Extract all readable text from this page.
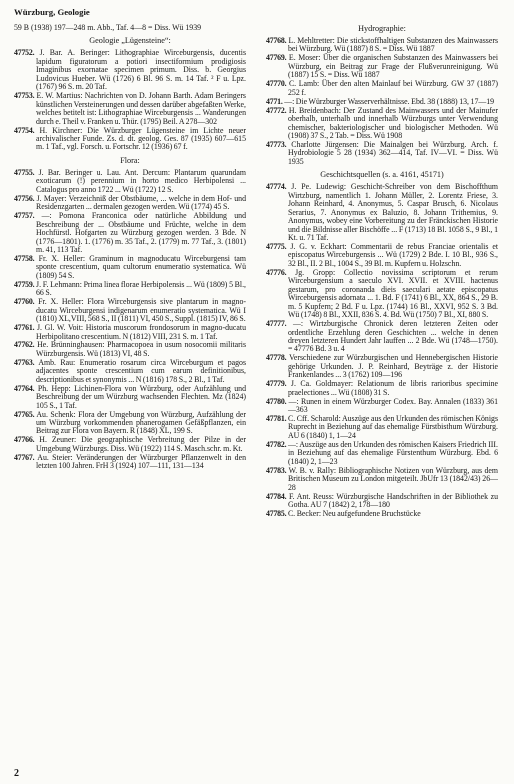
Würzburg, Geologie
59 B (1938) 197—248 m. Abb., Taf. 4—8 = Diss. Wü 1939
Geologie „Lügensteine“:
47752. J. Bar. A. Beringer: Lithographiae Wirceburgensis, ducentis lapidum figuratorum a potiori insectiformium prodigiosis Imaginibus exornatae specimen primum. Diss. b. Georgius Ludovicus Hueber. Wü (1726) 6 Bl. 96 S. m. 14 Taf. ² F u. Lpz. (1767) 96 S. m. 20 Taf.
47753. E. W. Martius: Nachrichten von D. Johann Barth. Adam Beringers künstlichen Versteinerungen und dessen darüber abgefaßten Werke, welches betitelt ist: Lithographiae Wirceburgensis ... Wanderungen durch e. Theil v. Franken u. Thür. (1795) Beil. A 278—302
47754. H. Kirchner: Die Würzburger Lügensteine im Lichte neuer archivalischer Funde. Zs. d. dt. geolog. Ges. 87 (1935) 607—615 m. 1 Taf., vgl. Forsch. u. Fortschr. 12 (1936) 67 f.
Flora:
47755. J. Bar. Beringer u. Lau. Ant. Dercum: Plantarum quarundam exoticarum (!) perennium in horto medico Herbipolensi ... Catalogus pro anno 1722 ... Wü (1722) 12 S.
47756. J. Mayer: Verzeichniß der Obstbäume, ... welche in dem Hof- und Residenzgarten ... dermalen gezogen werden. Wü (1774) 45 S.
47757. —: Pomona Franconica oder natürliche Abbildung und Beschreibung der ... Obstbäume und Früchte, welche in dem Hochfürstl. Hofgarten zu Würzburg gezogen werden. 3 Bde. N (1776—1801). 1. (1776) m. 35 Taf., 2. (1779) m. 77 Taf., 3. (1801) m. 41, 113 Taf.
47758. Fr. X. Heller: Graminum in magnoducatu Wirceburgensi tam sponte crescentium, quam cultorum enumeratio systematica. Wü (1809) 54 S.
47759. J. F. Lehmann: Prima linea florae Herbipolensis ... Wü (1809) 5 Bl., 66 S.
47760. Fr. X. Heller: Flora Wirceburgensis sive plantarum in magno-ducatu Wirceburgensi indigenarum enumeratio systematica. Wü I (1810) XL,VIII, 568 S., II (1811) VI, 450 S., Suppl. (1815) IV, 86 S.
47761. J. Gl. W. Voit: Historia muscorum frondosorum in magno-ducatu Herbipolitano crescentium. N (1812) VIII, 231 S. m. 1 Taf.
47762. He. Brünninghausen: Pharmacopoea in usum nosocomii militaris Würzburgensis. Wü (1813) VI, 48 S.
47763. Amb. Rau: Enumeratio rosarum circa Wirceburgum et pagos adjacentes sponte crescentium cum earum definitionibus, descriptionibus et synonymis ... N (1816) 178 S., 2 Bl., 1 Taf.
47764. Ph. Hepp: Lichinen-Flora von Würzburg, oder Aufzählung und Beschreibung der um Würzburg wachsenden Flechten. Mz (1824) 105 S., 1 Taf.
47765. Au. Schenk: Flora der Umgebung von Würzburg, Aufzählung der um Würzburg vorkommenden phanerogamen Gefäßpflanzen, ein Beitrag zur Flora von Bayern. R (1848) XL, 199 S.
47766. H. Zeuner: Die geographische Verbreitung der Pilze in der Umgebung Würzburgs. Diss. Wü (1922) 114 S. Masch.schr. m. Kt.
47767. Au. Steier: Veränderungen der Würzburger Pflanzenwelt in den letzten 100 Jahren. FrH 3 (1924) 107—111, 131—134
Hydrographie:
47768. L. Mehltretter: Die stickstoffhaltigen Substanzen des Mainwassers bei Würzburg. Wü (1887) 8 S. = Diss. Wü 1887
47769. E. Moser: Über die organischen Substanzen des Mainwassers bei Würzburg, ein Beitrag zur Frage der Flußverunreinigung. Wü (1887) 15 S. = Diss. Wü 1887
47770. C. Lamb: Über den alten Mainlauf bei Würzburg. GW 37 (1887) 252 f.
4771. —: Die Würzburger Wasserverhältnisse. Ebd. 38 (1888) 13, 17—19
47772. H. Breidenbach: Der Zustand des Mainwassers und der Mainufer oberhalb, unterhalb und innerhalb Würzburgs unter Verwendung chemischer, bakteriologischer und biologischer Methoden. Wü (1908) 37 S., 2 Tab. = Diss. Wü 1908
47773. Charlotte Jürgensen: Die Mainalgen bei Würzburg. Arch. f. Hydrobiologie 5 28 (1934) 362—414, Taf. IV—VI. = Diss. Wü 1935
Geschichtsquellen (s. a. 4161, 45171)
47774. J. Pe. Ludewig: Geschicht-Schreiber von dem Bischoffthum Wirtzburg, namentlich 1. Johann Müller, 2. Lorentz Friese, 3. Johann Reinhard, 4. Anonymus, 5. Caspar Brusch, 6. Nicolaus Serarius, 7. Anonymus ex Baluzio, 8. Johann Trithemius, 9. Anonymus, wobey eine Vorbereitung zu der Fränckischen Historie und die Bildnisse aller Bischöffe ... F (1713) 18 Bl. 1058 S., 9 Bl., 1 Kt. u. 71 Taf.
47775. J. G. v. Eckhart: Commentarii de rebus Franciae orientalis et episcopatus Wirceburgensis ... Wü (1729) 2 Bde. I. 10 Bl., 936 S., 32 Bl., II. 2 Bl., 1004 S., 39 Bl. m. Kupfern u. Holzschn.
47776. Jg. Gropp: Collectio novissima scriptorum et rerum Wirceburgensium a saeculo XVI. XVII. et XVIII. hactenus gestarum, pro coronanda dieis saeculari aetate episcopatus Wirceburgensis adornata ... 1. Bd. F (1741) 6 Bl., XX, 864 S., 29 B. m. 5 Kupfern; 2 Bd. F u. Lpz. (1744) 16 Bl., XXVI, 952 S. 3 Bd. Wü (1748) 8 Bl., XXII, 836 S. 4. Bd. Wü (1750) 7 Bl., XI, 880 S.
47777. —: Wirtzburgische Chronick deren letzteren Zeiten oder ordentliche Erzehlung deren Geschichten ... welche in denen dreyen letzteren Hundert Jahr lauffen ... 2 Bde. Wü (1748—1750). = 47776 Bd. 3 u. 4
47778. Verschiedene zur Würzburgischen und Hennebergischen Historie gehörige Urkunden. J. P. Reinhard, Beyträge z. der Historie Frankenlandes ... 3 (1762) 109—196
47779. J. Ca. Goldmayer: Relationum de libris rarioribus specimine praelectiones ... Wü (1808) 31 S.
47780. —: Runen in einem Würzburger Codex. Bay. Annalen (1833) 361—363
47781. C. Cff. Scharold: Auszüge aus den Urkunden des römischen Königs Ruprecht in Beziehung auf das ehemalige Fürstbisthum Würzburg. AU 6 (1840) 1, 1—24
47782. —: Auszüge aus den Urkunden des römischen Kaisers Friedrich III. in Beziehung auf das ehemalige Fürstenthum Würzburg. Ebd. 6 (1840) 2, 1—23
47783. W. B. v. Rally: Bibliographische Notizen von Würzburg, aus dem Britischen Museum zu London mitgeteilt. JbUfr 13 (1842/43) 26—28
47784. F. Ant. Reuss: Würzburgische Handschriften in der Bibliothek zu Gotha. AU 7 (1842) 2, 178—180
47785. C. Becker: Neu aufgefundene Bruchstücke
2
